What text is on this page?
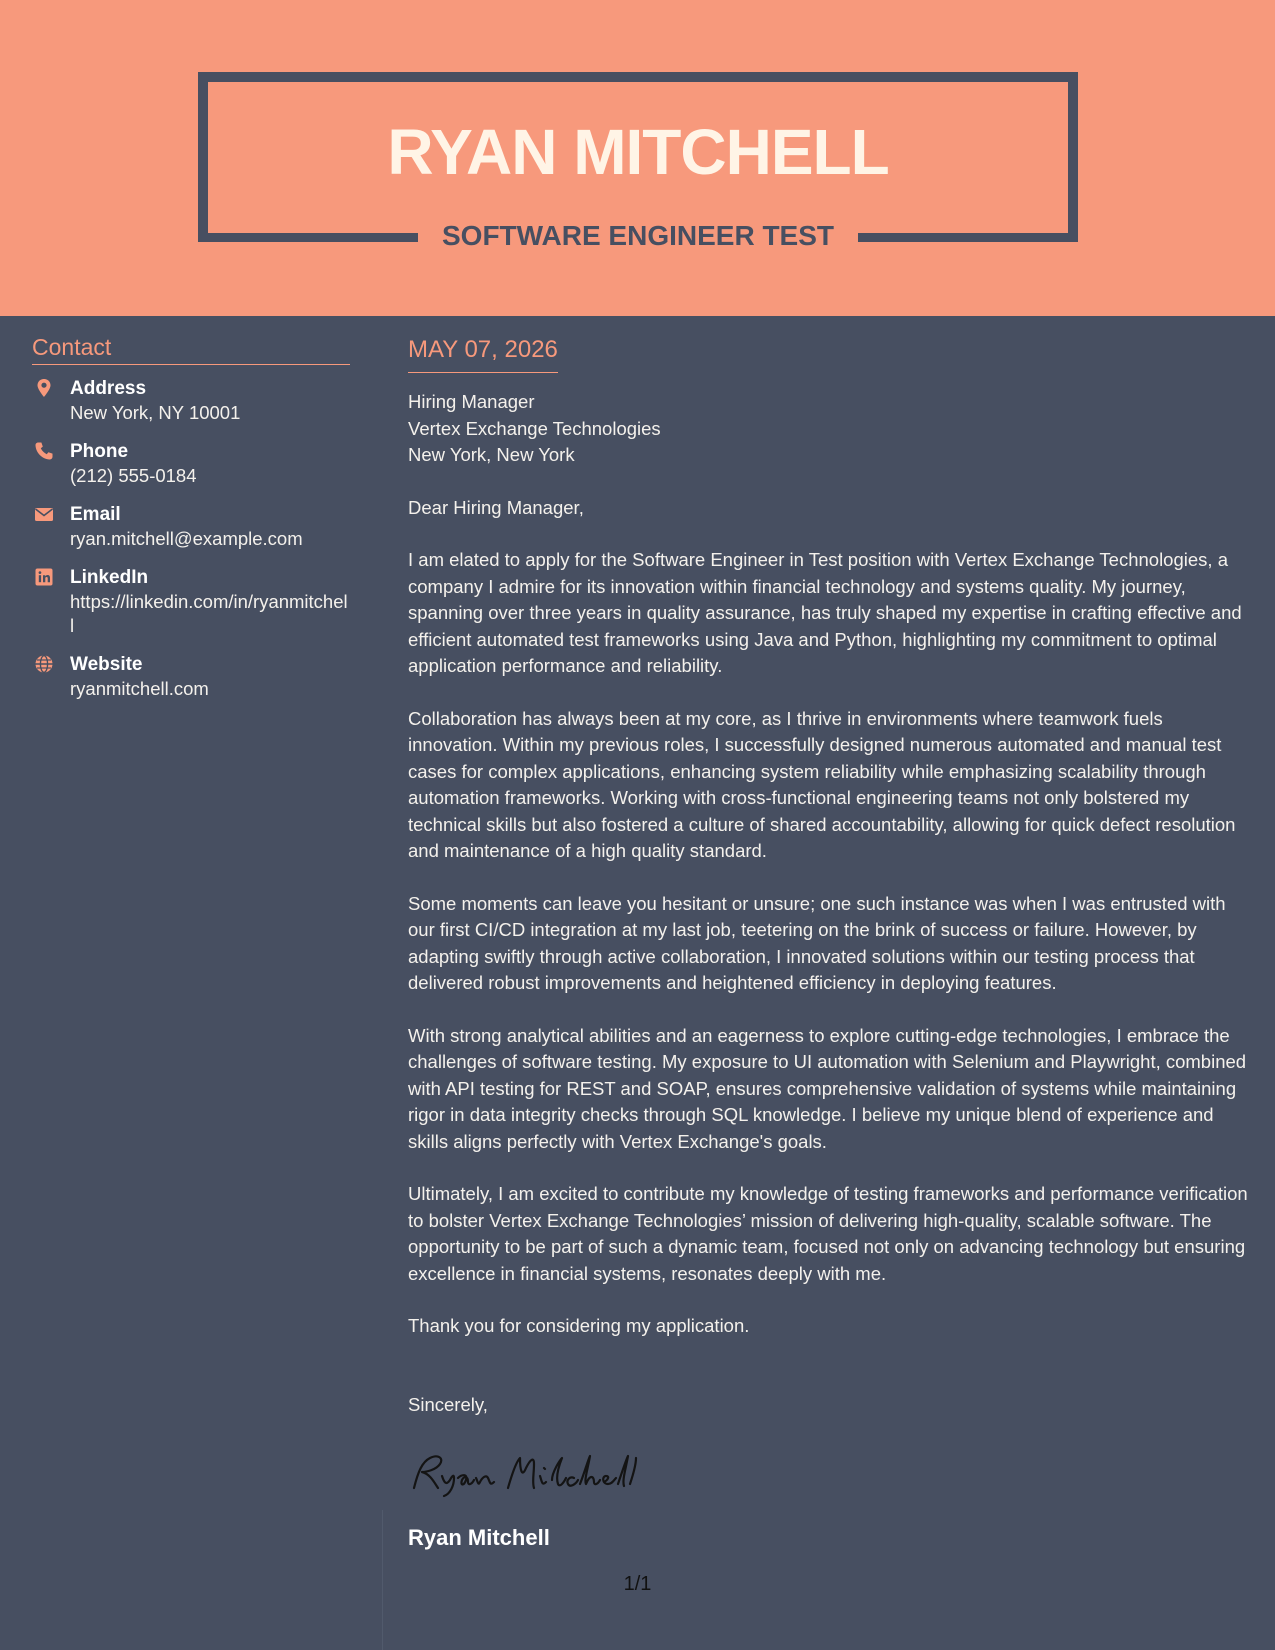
RYAN MITCHELL
SOFTWARE ENGINEER TEST
Contact
Address
New York, NY 10001
Phone
(212) 555-0184
Email
ryan.mitchell@example.com
LinkedIn
https://linkedin.com/in/ryanmitchell
Website
ryanmitchell.com
MAY 07, 2026
Hiring Manager
Vertex Exchange Technologies
New York, New York

Dear Hiring Manager,

I am elated to apply for the Software Engineer in Test position with Vertex Exchange Technologies, a company I admire for its innovation within financial technology and systems quality. My journey, spanning over three years in quality assurance, has truly shaped my expertise in crafting effective and efficient automated test frameworks using Java and Python, highlighting my commitment to optimal application performance and reliability.

Collaboration has always been at my core, as I thrive in environments where teamwork fuels innovation. Within my previous roles, I successfully designed numerous automated and manual test cases for complex applications, enhancing system reliability while emphasizing scalability through automation frameworks. Working with cross-functional engineering teams not only bolstered my technical skills but also fostered a culture of shared accountability, allowing for quick defect resolution and maintenance of a high quality standard.

Some moments can leave you hesitant or unsure; one such instance was when I was entrusted with our first CI/CD integration at my last job, teetering on the brink of success or failure. However, by adapting swiftly through active collaboration, I innovated solutions within our testing process that delivered robust improvements and heightened efficiency in deploying features.

With strong analytical abilities and an eagerness to explore cutting-edge technologies, I embrace the challenges of software testing. My exposure to UI automation with Selenium and Playwright, combined with API testing for REST and SOAP, ensures comprehensive validation of systems while maintaining rigor in data integrity checks through SQL knowledge. I believe my unique blend of experience and skills aligns perfectly with Vertex Exchange's goals.

Ultimately, I am excited to contribute my knowledge of testing frameworks and performance verification to bolster Vertex Exchange Technologies’ mission of delivering high-quality, scalable software. The opportunity to be part of such a dynamic team, focused not only on advancing technology but ensuring excellence in financial systems, resonates deeply with me.

Thank you for considering my application.

Sincerely,
Ryan Mitchell
1/1
